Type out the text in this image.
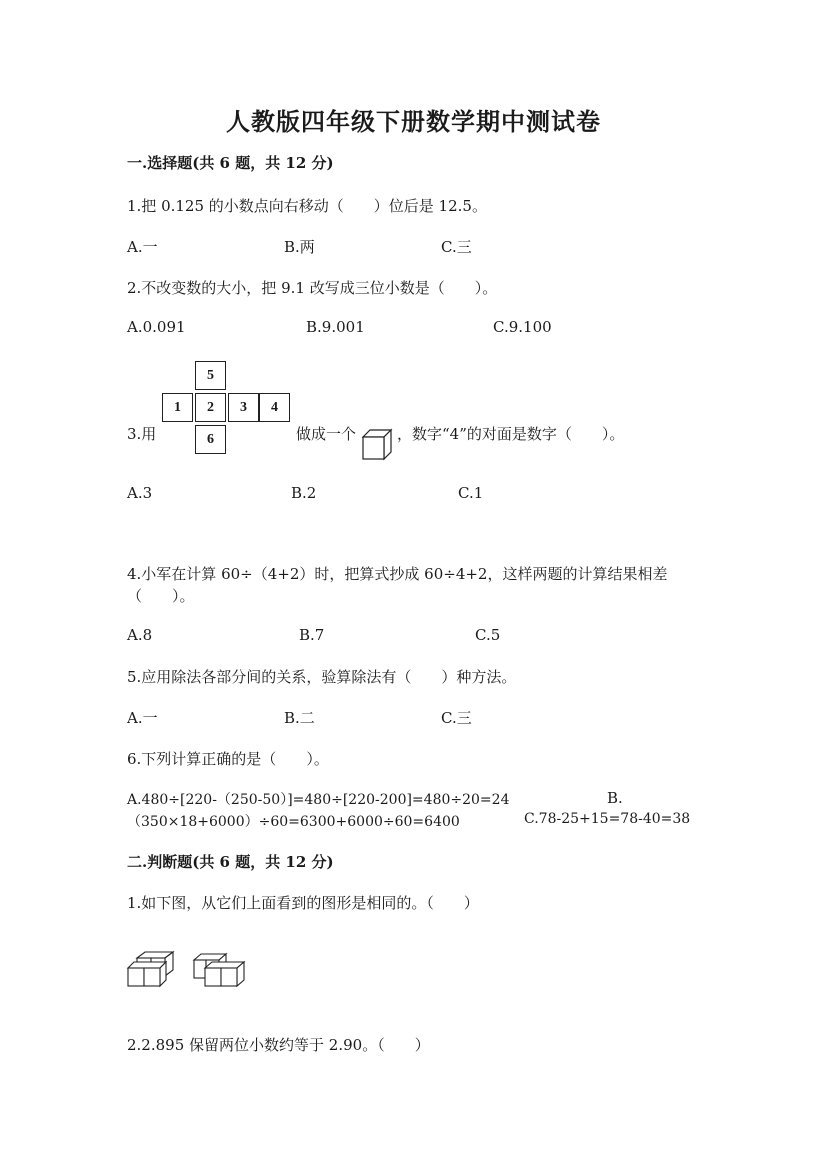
人教版四年级下册数学期中测试卷
一.选择题(共 6 题，共 12 分)
1.把 0.125 的小数点向右移动（　　）位后是 12.5。
A.一	B.两	C.三
2.不改变数的大小，把 9.1 改写成三位小数是（　　）。
A.0.091	B.9.001	C.9.100
3.用
5
1	2	3	4
6	做成一个	，数字“4”的对面是数字（　　）。
A.3	B.2	C.1
4.小军在计算 60÷（4+2）时，把算式抄成 60÷4+2，这样两题的计算结果相差
（　　）。
A.8	B.7	C.5
5.应用除法各部分间的关系，验算除法有（　　）种方法。
A.一	B.二	C.三
6.下列计算正确的是（　　）。
A.480÷[220-（250-50）]=480÷[220-200]=480÷20=24	B.
（350×18+6000）÷60=6300+6000÷60=6400	C.78-25+15=78-40=38
二.判断题(共 6 题，共 12 分)
1.如下图，从它们上面看到的图形是相同的。（　　）
2.2.895 保留两位小数约等于 2.90。（　　）
